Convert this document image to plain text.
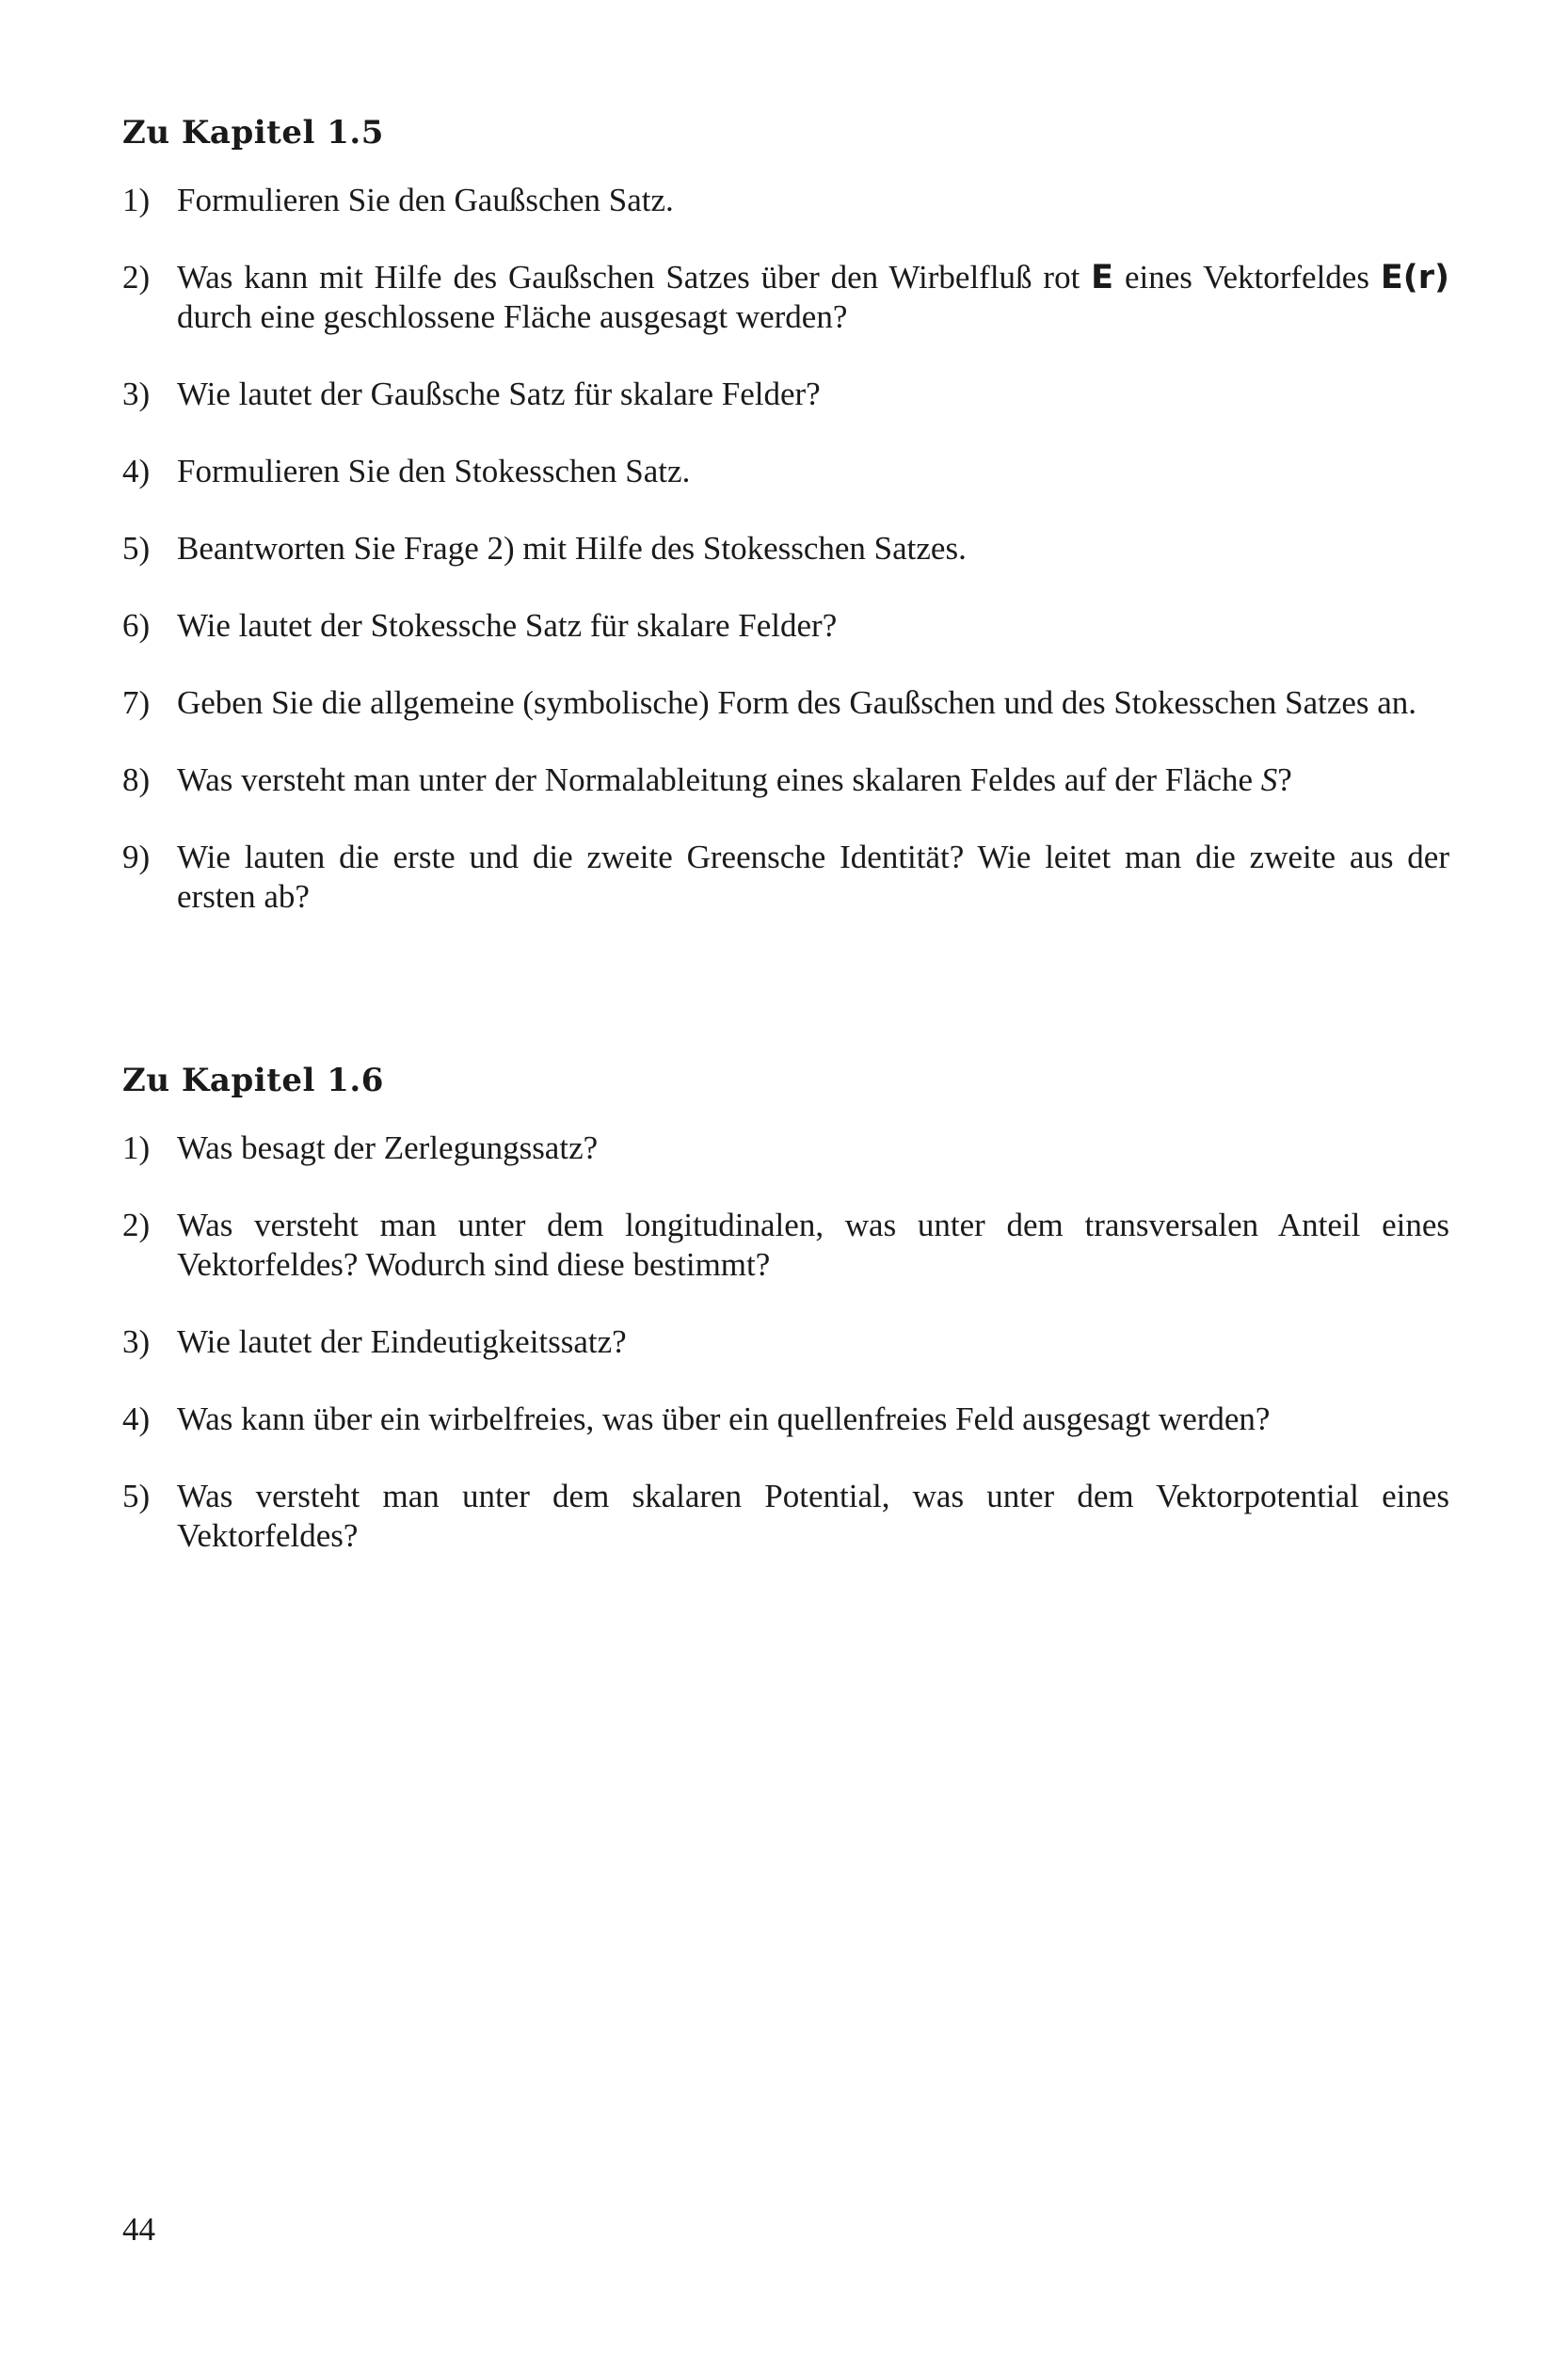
Zu Kapitel 1.5
1) Formulieren Sie den Gaußschen Satz.
2) Was kann mit Hilfe des Gaußschen Satzes über den Wirbelfluß rot E eines Vektorfeldes E(r) durch eine geschlossene Fläche ausgesagt werden?
3) Wie lautet der Gaußsche Satz für skalare Felder?
4) Formulieren Sie den Stokesschen Satz.
5) Beantworten Sie Frage 2) mit Hilfe des Stokesschen Satzes.
6) Wie lautet der Stokessche Satz für skalare Felder?
7) Geben Sie die allgemeine (symbolische) Form des Gaußschen und des Stokesschen Satzes an.
8) Was versteht man unter der Normalableitung eines skalaren Feldes auf der Fläche S?
9) Wie lauten die erste und die zweite Greensche Identität? Wie leitet man die zweite aus der ersten ab?
Zu Kapitel 1.6
1) Was besagt der Zerlegungssatz?
2) Was versteht man unter dem longitudinalen, was unter dem transversalen Anteil eines Vektorfeldes? Wodurch sind diese bestimmt?
3) Wie lautet der Eindeutigkeitssatz?
4) Was kann über ein wirbelfreies, was über ein quellenfreies Feld ausgesagt werden?
5) Was versteht man unter dem skalaren Potential, was unter dem Vektorpotential eines Vektorfeldes?
44
